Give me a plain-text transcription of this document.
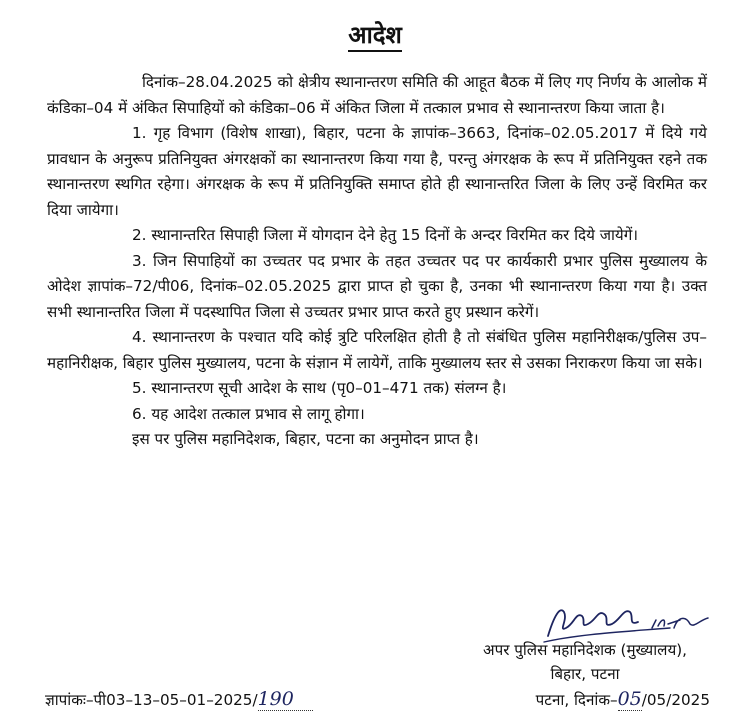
आदेश

दिनांक–28.04.2025 को क्षेत्रीय स्थानान्तरण समिति की आहूत बैठक में लिए गए निर्णय के आलोक में कंडिका–04 में अंकित सिपाहियों को कंडिका–06 में अंकित जिला में तत्काल प्रभाव से स्थानान्तरण किया जाता है।

1. गृह विभाग (विशेष शाखा), बिहार, पटना के ज्ञापांक–3663, दिनांक–02.05.2017 में दिये गये प्रावधान के अनुरूप प्रतिनियुक्त अंगरक्षकों का स्थानान्तरण किया गया है, परन्तु अंगरक्षक के रूप में प्रतिनियुक्त रहने तक स्थानान्तरण स्थगित रहेगा। अंगरक्षक के रूप में प्रतिनियुक्ति समाप्त होते ही स्थानान्तरित जिला के लिए उन्हें विरमित कर दिया जायेगा।

2. स्थानान्तरित सिपाही जिला में योगदान देने हेतु 15 दिनों के अन्दर विरमित कर दिये जायेगें।

3. जिन सिपाहियों का उच्चतर पद प्रभार के तहत उच्चतर पद पर कार्यकारी प्रभार पुलिस मुख्यालय के ओदेश ज्ञापांक–72/पी06, दिनांक–02.05.2025 द्वारा प्राप्त हो चुका है, उनका भी स्थानान्तरण किया गया है। उक्त सभी स्थानान्तरित जिला में पदस्थापित जिला से उच्चतर प्रभार प्राप्त करते हुए प्रस्थान करेगें।

4. स्थानान्तरण के पश्चात यदि कोई त्रुटि परिलक्षित होती है तो संबंधित पुलिस महानिरीक्षक/पुलिस उप–महानिरीक्षक, बिहार पुलिस मुख्यालय, पटना के संज्ञान में लायेगें, ताकि मुख्यालय स्तर से उसका निराकरण किया जा सके।

5. स्थानान्तरण सूची आदेश के साथ (पृ0–01–471 तक) संलग्न है।

6. यह आदेश तत्काल प्रभाव से लागू होगा।

इस पर पुलिस महानिदेशक, बिहार, पटना का अनुमोदन प्राप्त है।

अपर पुलिस महानिदेशक (मुख्यालय),
बिहार, पटना
ज्ञापांकः–पी03–13–05–01–2025/190	पटना, दिनांक–05/05/2025
